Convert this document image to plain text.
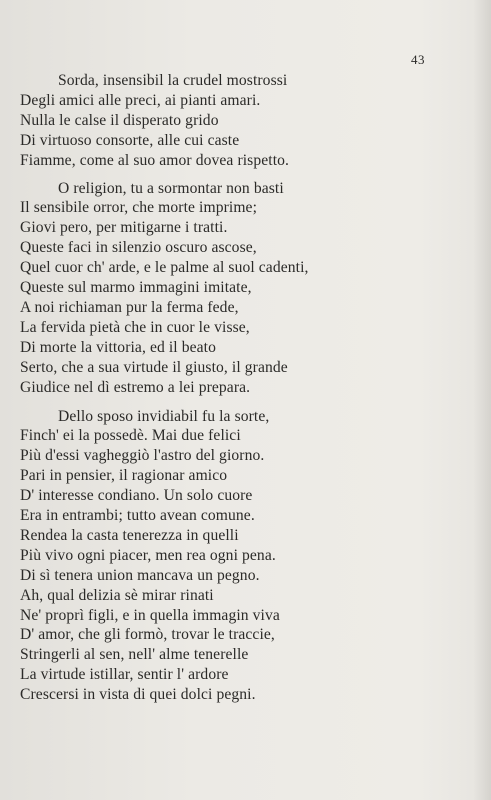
43
Sorda, insensibil la crudel mostrossi
Degli amici alle preci, ai pianti amari.
Nulla le calse il disperato grido
Di virtuoso consorte, alle cui caste
Fiamme, come al suo amor dovea rispetto.
O religion, tu a sormontar non basti
Il sensibile orror, che morte imprime;
Giovi pero, per mitigarne i tratti.
Queste faci in silenzio oscuro ascose,
Quel cuor ch' arde, e le palme al suol cadenti,
Queste sul marmo immagini imitate,
A noi richiaman pur la ferma fede,
La fervida pietà che in cuor le visse,
Di morte la vittoria, ed il beato
Serto, che a sua virtude il giusto, il grande
Giudice nel dì estremo a lei prepara.
Dello sposo invidiabil fu la sorte,
Finch' ei la possedè. Mai due felici
Più d'essi vagheggiò l'astro del giorno.
Pari in pensier, il ragionar amico
D' interesse condiano. Un solo cuore
Era in entrambi; tutto avean comune.
Rendea la casta tenerezza in quelli
Più vivo ogni piacer, men rea ogni pena.
Di sì tenera union mancava un pegno.
Ah, qual delizia sè mirar rinati
Ne' proprì figli, e in quella immagin viva
D' amor, che gli formò, trovar le traccie,
Stringerli al sen, nell' alme tenerelle
La virtude istillar, sentir l' ardore
Crescersi in vista di quei dolci pegni.
